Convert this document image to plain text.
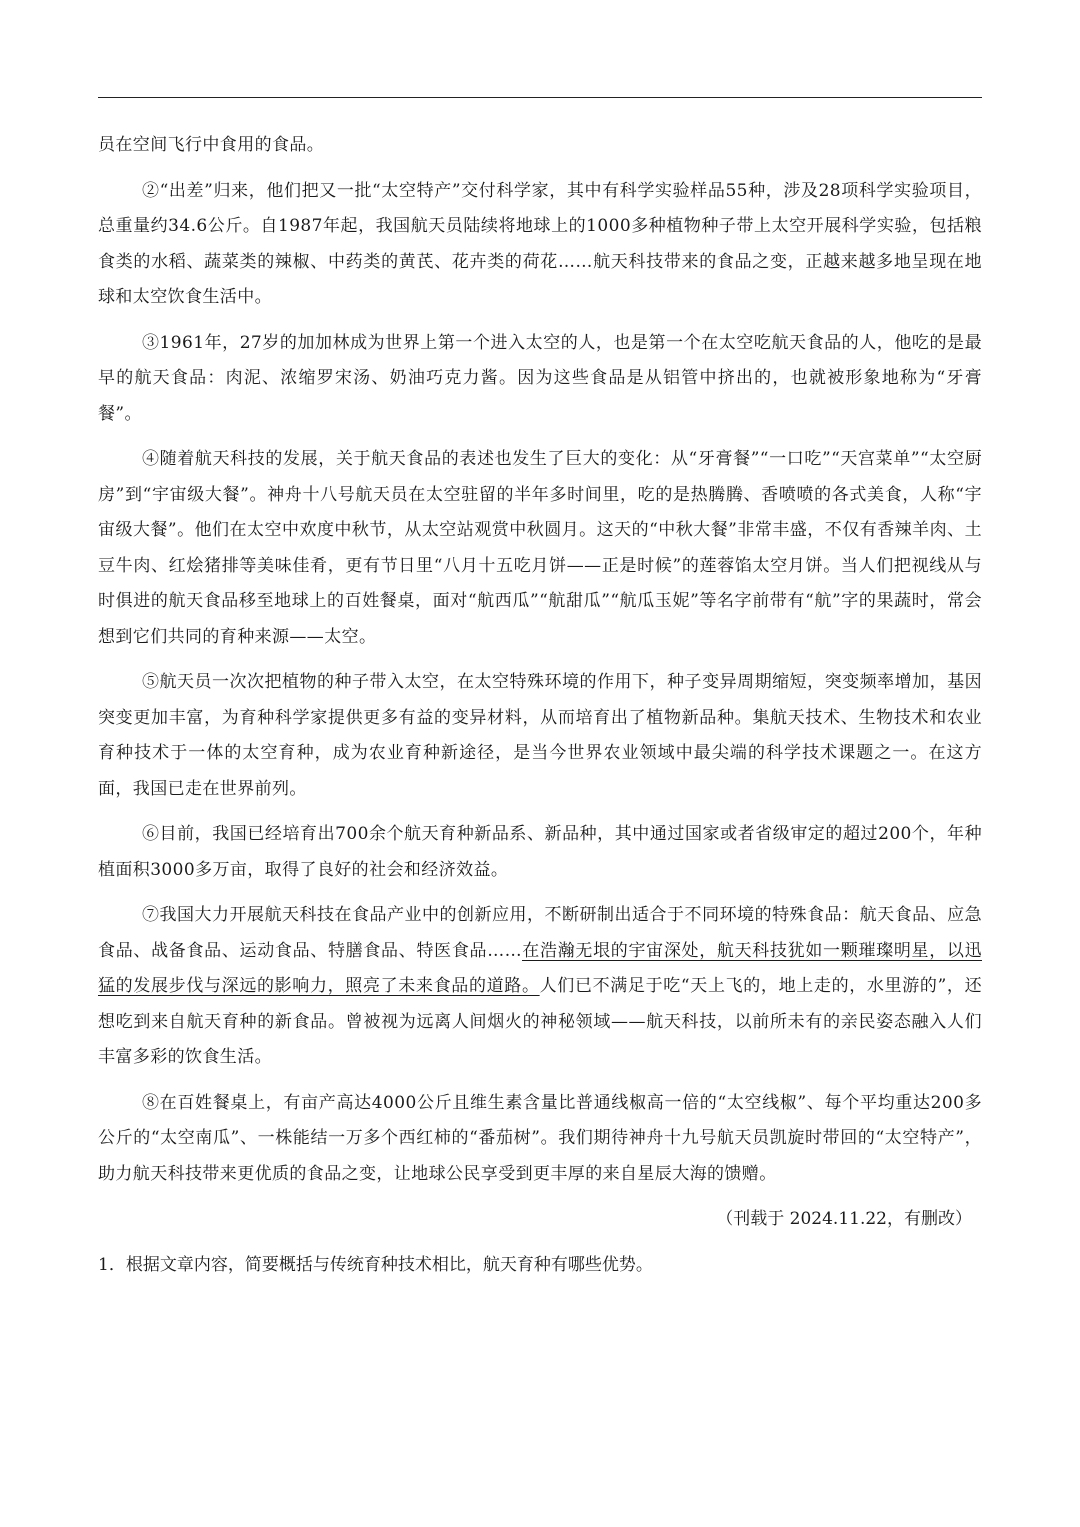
员在空间飞行中食用的食品。

②“出差”归来，他们把又一批“太空特产”交付科学家，其中有科学实验样品55种，涉及28项科学实验项目，总重量约34.6公斤。自1987年起，我国航天员陆续将地球上的1000多种植物种子带上太空开展科学实验，包括粮食类的水稻、蔬菜类的辣椒、中药类的黄芪、花卉类的荷花……航天科技带来的食品之变，正越来越多地呈现在地球和太空饮食生活中。

③1961年，27岁的加加林成为世界上第一个进入太空的人，也是第一个在太空吃航天食品的人，他吃的是最早的航天食品：肉泥、浓缩罗宋汤、奶油巧克力酱。因为这些食品是从铝管中挤出的，也就被形象地称为“牙膏餐”。

④随着航天科技的发展，关于航天食品的表述也发生了巨大的变化：从“牙膏餐”“一口吃”“天宫菜单”“太空厨房”到“宇宙级大餐”。神舟十八号航天员在太空驻留的半年多时间里，吃的是热腾腾、香喷喷的各式美食，人称“宇宙级大餐”。他们在太空中欢度中秋节，从太空站观赏中秋圆月。这天的“中秋大餐”非常丰盛，不仅有香辣羊肉、土豆牛肉、红烩猪排等美味佳肴，更有节日里“八月十五吃月饼——正是时候”的莲蓉馅太空月饼。当人们把视线从与时俱进的航天食品移至地球上的百姓餐桌，面对“航西瓜”“航甜瓜”“航瓜玉妮”等名字前带有“航”字的果蔬时，常会想到它们共同的育种来源——太空。

⑤航天员一次次把植物的种子带入太空，在太空特殊环境的作用下，种子变异周期缩短，突变频率增加，基因突变更加丰富，为育种科学家提供更多有益的变异材料，从而培育出了植物新品种。集航天技术、生物技术和农业育种技术于一体的太空育种，成为农业育种新途径，是当今世界农业领域中最尖端的科学技术课题之一。在这方面，我国已走在世界前列。

⑥目前，我国已经培育出700余个航天育种新品系、新品种，其中通过国家或者省级审定的超过200个，年种植面积3000多万亩，取得了良好的社会和经济效益。

⑦我国大力开展航天科技在食品产业中的创新应用，不断研制出适合于不同环境的特殊食品：航天食品、应急食品、战备食品、运动食品、特膳食品、特医食品……在浩瀚无垠的宇宙深处，航天科技犹如一颗璀璨明星，以迅猛的发展步伐与深远的影响力，照亮了未来食品的道路。人们已不满足于吃“天上飞的，地上走的，水里游的”，还想吃到来自航天育种的新食品。曾被视为远离人间烟火的神秘领域——航天科技，以前所未有的亲民姿态融入人们丰富多彩的饮食生活。

⑧在百姓餐桌上，有亩产高达4000公斤且维生素含量比普通线椒高一倍的“太空线椒”、每个平均重达200多公斤的“太空南瓜”、一株能结一万多个西红柿的“番茄树”。我们期待神舟十九号航天员凯旋时带回的“太空特产”，助力航天科技带来更优质的食品之变，让地球公民享受到更丰厚的来自星辰大海的馈赠。

（刊载于 2024.11.22，有删改）

1．根据文章内容，简要概括与传统育种技术相比，航天育种有哪些优势。
